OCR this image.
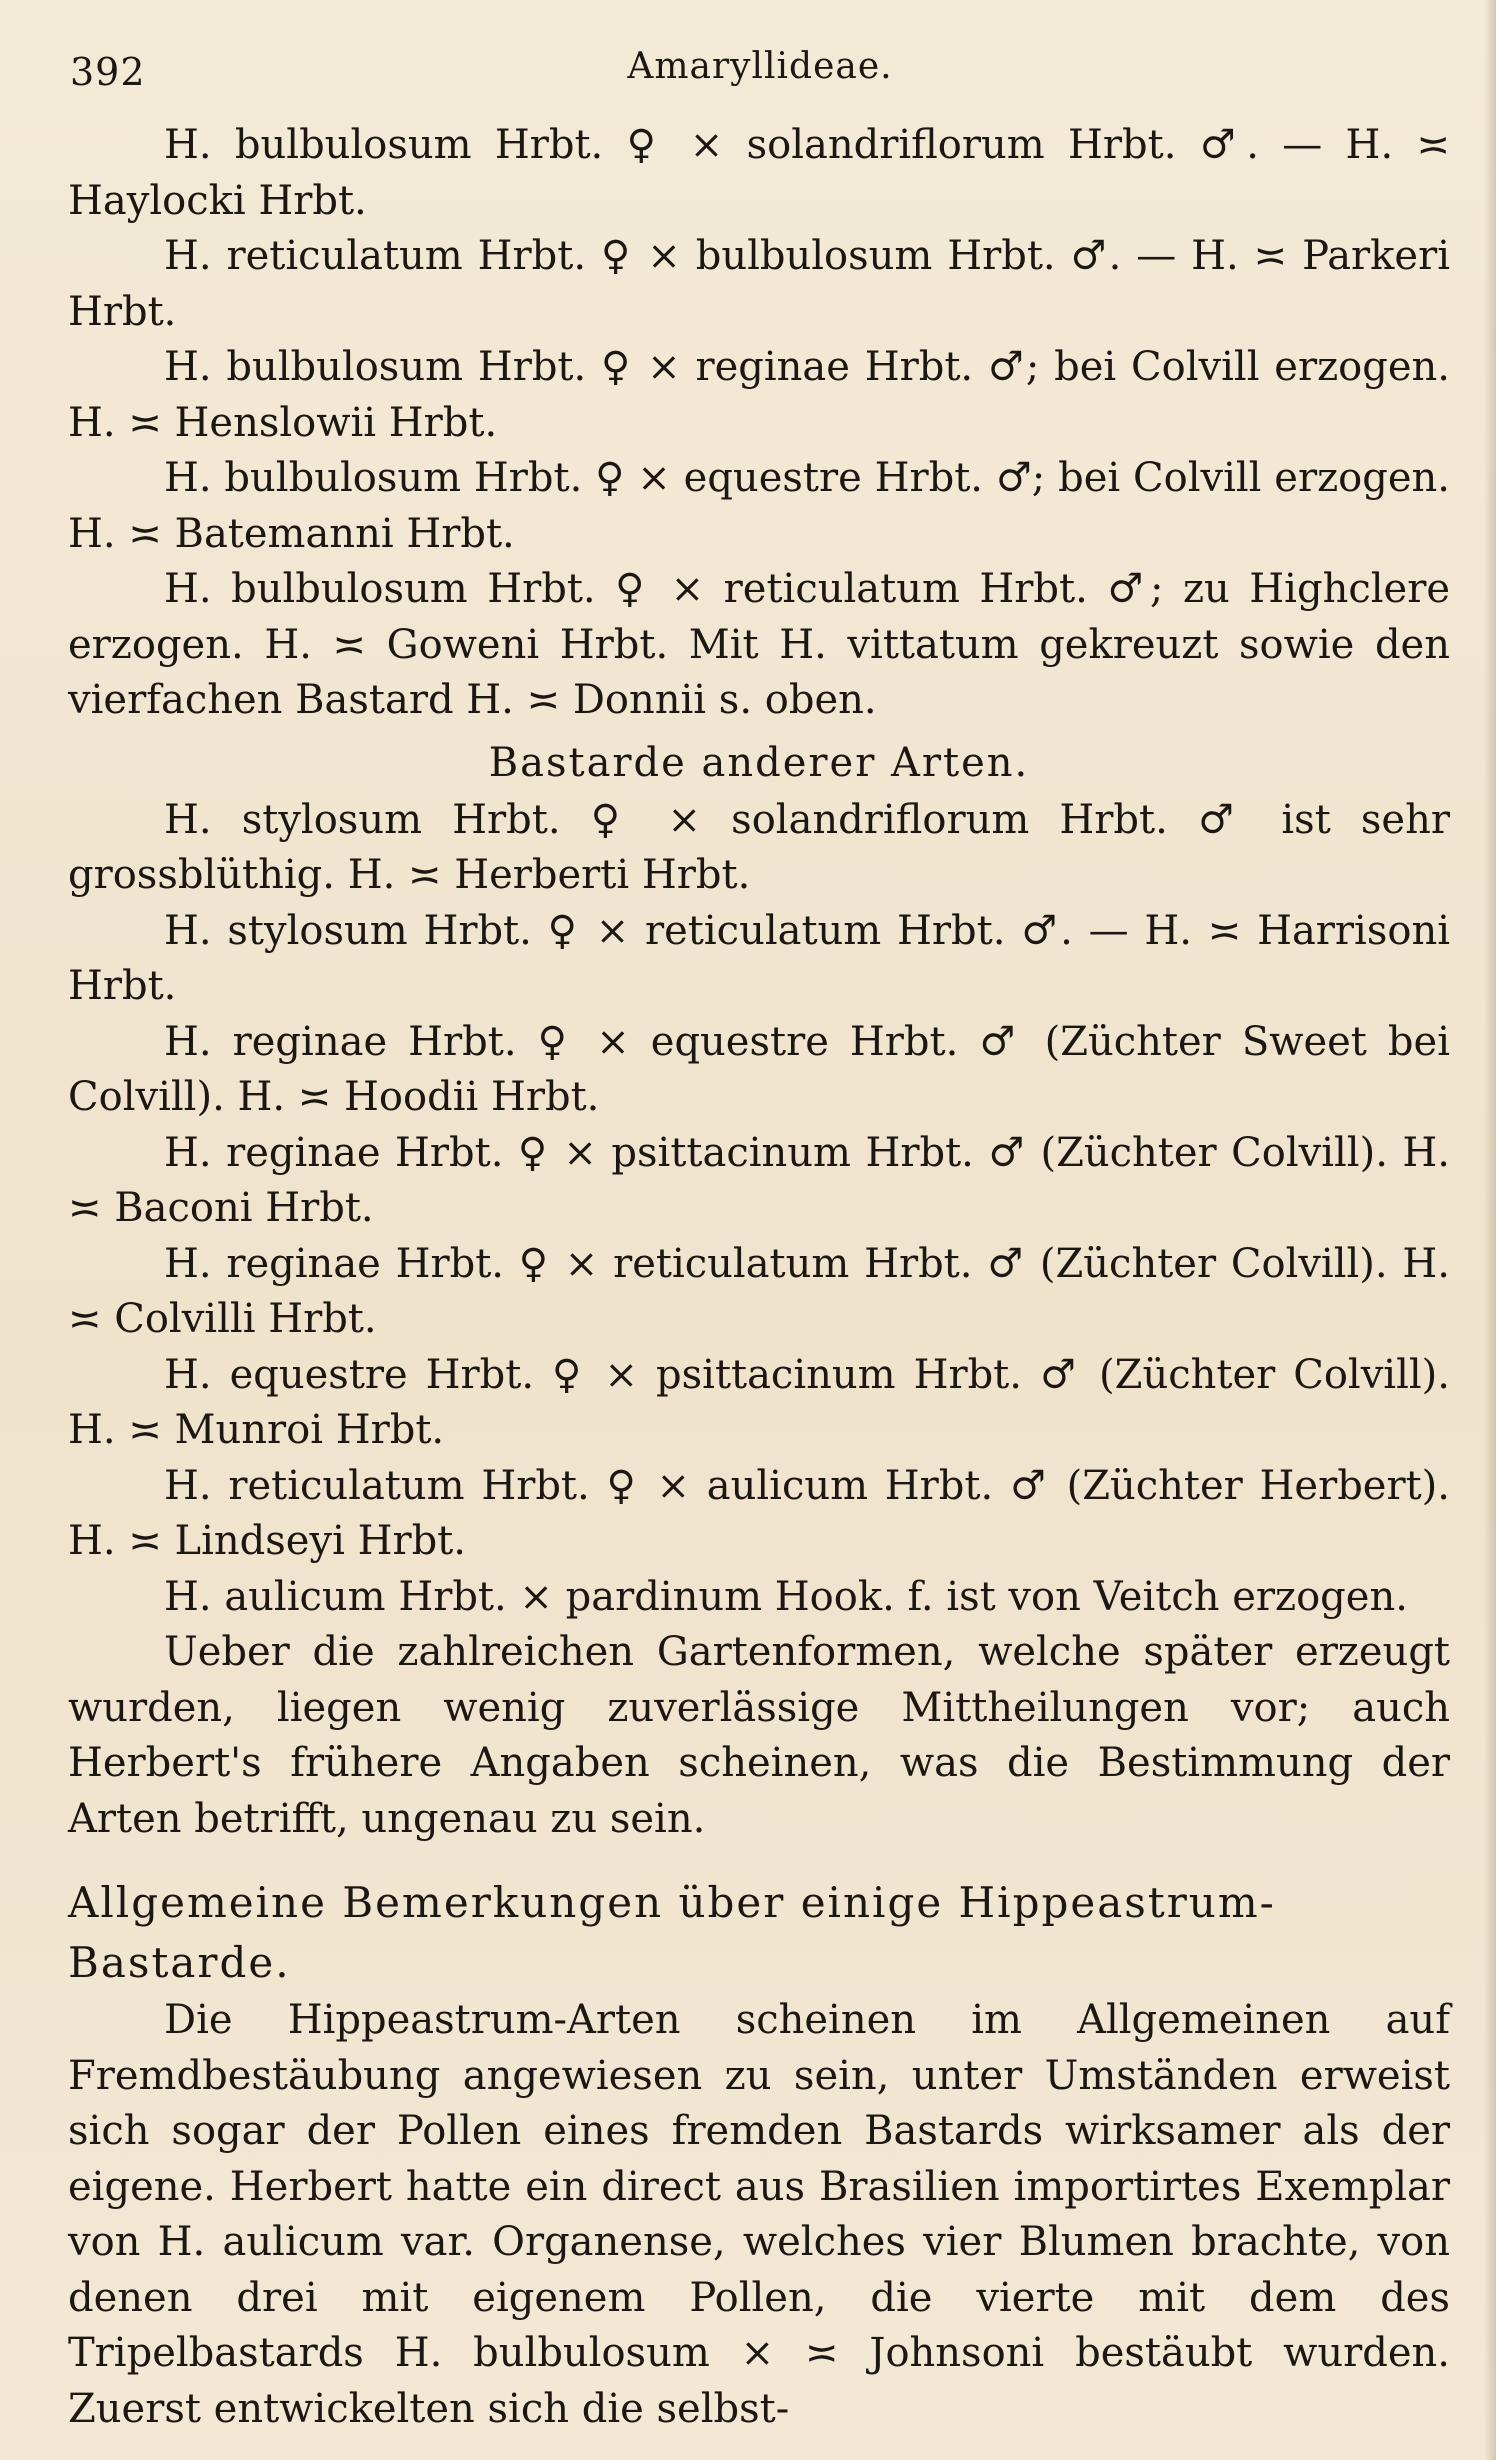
392	Amaryllideae.

H. bulbulosum Hrbt. ♀ ⨯ solandriflorum Hrbt. ♂. — H. ≍ Haylocki Hrbt.

H. reticulatum Hrbt. ♀ ⨯ bulbulosum Hrbt. ♂. — H. ≍ Parkeri Hrbt.

H. bulbulosum Hrbt. ♀ ⨯ reginae Hrbt. ♂; bei Colvill erzogen. H. ≍ Henslowii Hrbt.

H. bulbulosum Hrbt. ♀ ⨯ equestre Hrbt. ♂; bei Colvill erzogen. H. ≍ Batemanni Hrbt.

H. bulbulosum Hrbt. ♀ ⨯ reticulatum Hrbt. ♂; zu Highclere erzogen. H. ≍ Goweni Hrbt. Mit H. vittatum gekreuzt sowie den vierfachen Bastard H. ≍ Donnii s. oben.

Bastarde anderer Arten.

H. stylosum Hrbt. ♀ ⨯ solandriflorum Hrbt. ♂ ist sehr grossblüthig. H. ≍ Herberti Hrbt.

H. stylosum Hrbt. ♀ ⨯ reticulatum Hrbt. ♂. — H. ≍ Harrisoni Hrbt.

H. reginae Hrbt. ♀ ⨯ equestre Hrbt. ♂ (Züchter Sweet bei Colvill). H. ≍ Hoodii Hrbt.

H. reginae Hrbt. ♀ ⨯ psittacinum Hrbt. ♂ (Züchter Colvill). H. ≍ Baconi Hrbt.

H. reginae Hrbt. ♀ ⨯ reticulatum Hrbt. ♂ (Züchter Colvill). H. ≍ Colvilli Hrbt.

H. equestre Hrbt. ♀ ⨯ psittacinum Hrbt. ♂ (Züchter Colvill). H. ≍ Munroi Hrbt.

H. reticulatum Hrbt. ♀ ⨯ aulicum Hrbt. ♂ (Züchter Herbert). H. ≍ Lindseyi Hrbt.

H. aulicum Hrbt. ⨯ pardinum Hook. f. ist von Veitch erzogen.

Ueber die zahlreichen Gartenformen, welche später erzeugt wurden, liegen wenig zuverlässige Mittheilungen vor; auch Herbert's frühere Angaben scheinen, was die Bestimmung der Arten betrifft, ungenau zu sein.

Allgemeine Bemerkungen über einige Hippeastrum-Bastarde.

Die Hippeastrum-Arten scheinen im Allgemeinen auf Fremdbestäubung angewiesen zu sein, unter Umständen erweist sich sogar der Pollen eines fremden Bastards wirksamer als der eigene. Herbert hatte ein direct aus Brasilien importirtes Exemplar von H. aulicum var. Organense, welches vier Blumen brachte, von denen drei mit eigenem Pollen, die vierte mit dem des Tripelbastards H. bulbulosum ⨯ ≍ Johnsoni bestäubt wurden. Zuerst entwickelten sich die selbst-
